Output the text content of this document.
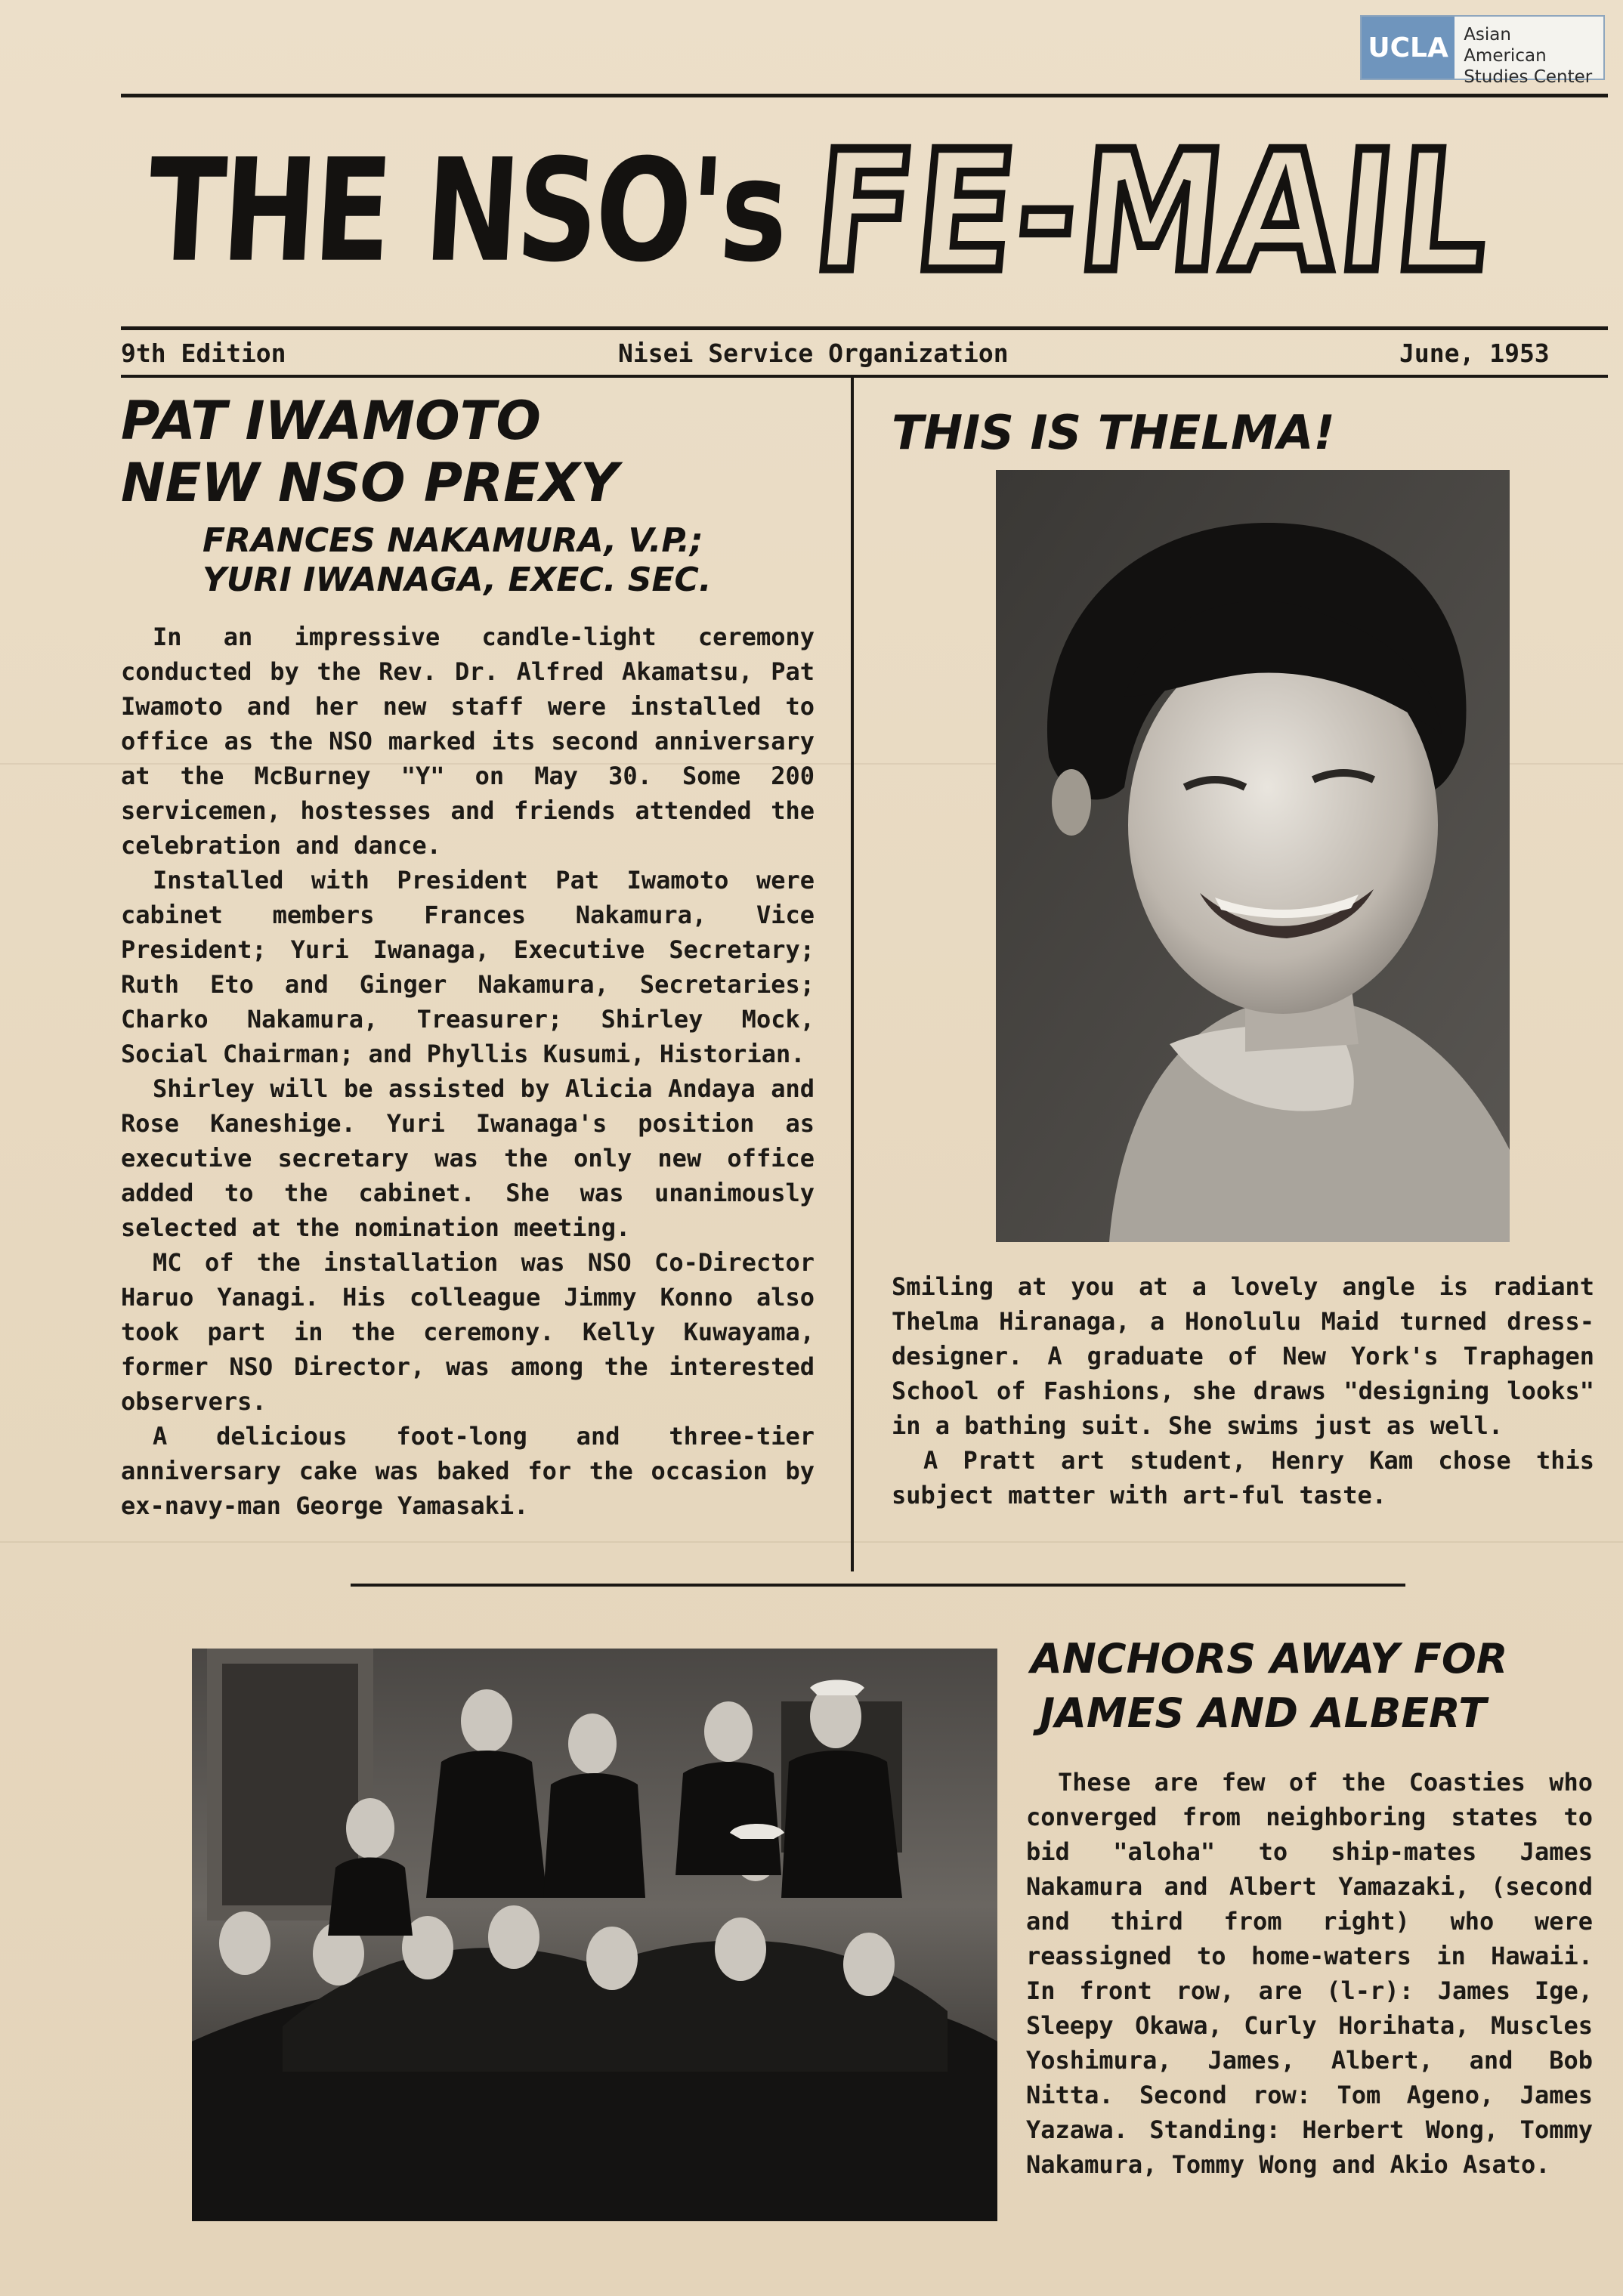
UCLA Asian American
Studies Center
THE NSO's FE-MAIL
9th Edition	Nisei Service Organization	June, 1953
PAT IWAMOTO
NEW NSO PREXY
FRANCES NAKAMURA, V.P.;
YURI IWANAGA, EXEC. SEC.

In an impressive candle-light ceremony conducted by the Rev. Dr. Alfred Akamatsu, Pat Iwamoto and her new staff were installed to office as the NSO marked its second anniversary at the McBurney "Y" on May 30. Some 200 servicemen, hostesses and friends attended the celebration and dance.

Installed with President Pat Iwamoto were cabinet members Frances Nakamura, Vice President; Yuri Iwanaga, Executive Secretary; Ruth Eto and Ginger Nakamura, Secretaries; Charko Nakamura, Treasurer; Shirley Mock, Social Chairman; and Phyllis Kusumi, Historian.

Shirley will be assisted by Alicia Andaya and Rose Kaneshige. Yuri Iwanaga's position as executive secretary was the only new office added to the cabinet. She was unanimously selected at the nomination meeting.

MC of the installation was NSO Co-Director Haruo Yanagi. His colleague Jimmy Konno also took part in the ceremony. Kelly Kuwayama, former NSO Director, was among the interested observers.

A delicious foot-long and three-tier anniversary cake was baked for the occasion by ex-navy-man George Yamasaki.

THIS IS THELMA!

Smiling at you at a lovely angle is radiant Thelma Hiranaga, a Honolulu Maid turned dress-designer. A graduate of New York's Traphagen School of Fashions, she draws "designing looks" in a bathing suit. She swims just as well.

A Pratt art student, Henry Kam chose this subject matter with art-ful taste.

ANCHORS AWAY FOR
JAMES AND ALBERT

These are few of the Coasties who converged from neighboring states to bid "aloha" to ship-mates James Nakamura and Albert Yamazaki, (second and third from right) who were reassigned to home-waters in Hawaii. In front row, are (l-r): James Ige, Sleepy Okawa, Curly Horihata, Muscles Yoshimura, James, Albert, and Bob Nitta. Second row: Tom Ageno, James Yazawa. Standing: Herbert Wong, Tommy Nakamura, Tommy Wong and Akio Asato.
